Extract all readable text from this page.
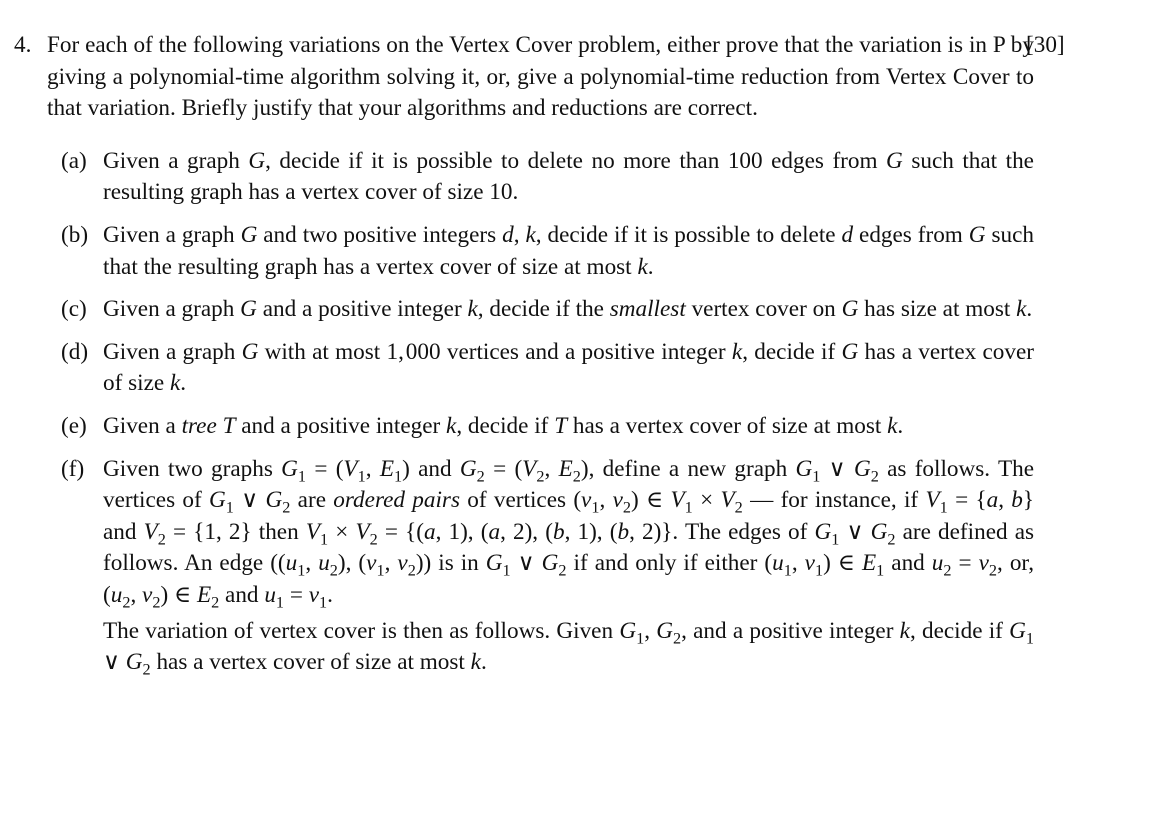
4. For each of the following variations on the Vertex Cover problem, either prove that the variation is in P by giving a polynomial-time algorithm solving it, or, give a polynomial-time reduction from Vertex Cover to that variation. Briefly justify that your algorithms and reductions are correct.
(a) Given a graph G, decide if it is possible to delete no more than 100 edges from G such that the resulting graph has a vertex cover of size 10.
(b) Given a graph G and two positive integers d, k, decide if it is possible to delete d edges from G such that the resulting graph has a vertex cover of size at most k.
(c) Given a graph G and a positive integer k, decide if the smallest vertex cover on G has size at most k.
(d) Given a graph G with at most 1, 000 vertices and a positive integer k, decide if G has a vertex cover of size k.
(e) Given a tree T and a positive integer k, decide if T has a vertex cover of size at most k.
(f) Given two graphs $G_1 = (V_1$, $E_1$) and $G_2 = (V_2$, $E_2$), define a new graph $G_1$ ∨ $G_2$ as follows. The vertices of $G_1$ ∨ $G_2$ are ordered pairs of vertices ($v_1$, $v_2$) ∈ $V_1 \times V_2$ — for instance, if $V_1 = \{a$, b} and $V_2 = \{1$, 2} then $V_1 \times V_2 = \{(a$, 1), (a, 2), (b, 1), (b, 2)}. The edges of $G_1$ ∨ $G_2$ are defined as follows. An edge (($u_1$, $u_2$), ($v_1$, $v_2$)) is in $G_1$ ∨ $G_2$ if and only if either ($u_1$, $v_1$) ∈ $E_1$ and $u_2 = v_2$, or, ($u_2$, $v_2$) ∈ $E_2$ and $u_1 = v_1$.
The variation of vertex cover is then as follows. Given $G_1$, $G_2$, and a positive integer k, decide if $G_1$ ∨ $G_2$ has a vertex cover of size at most k.
[30]
